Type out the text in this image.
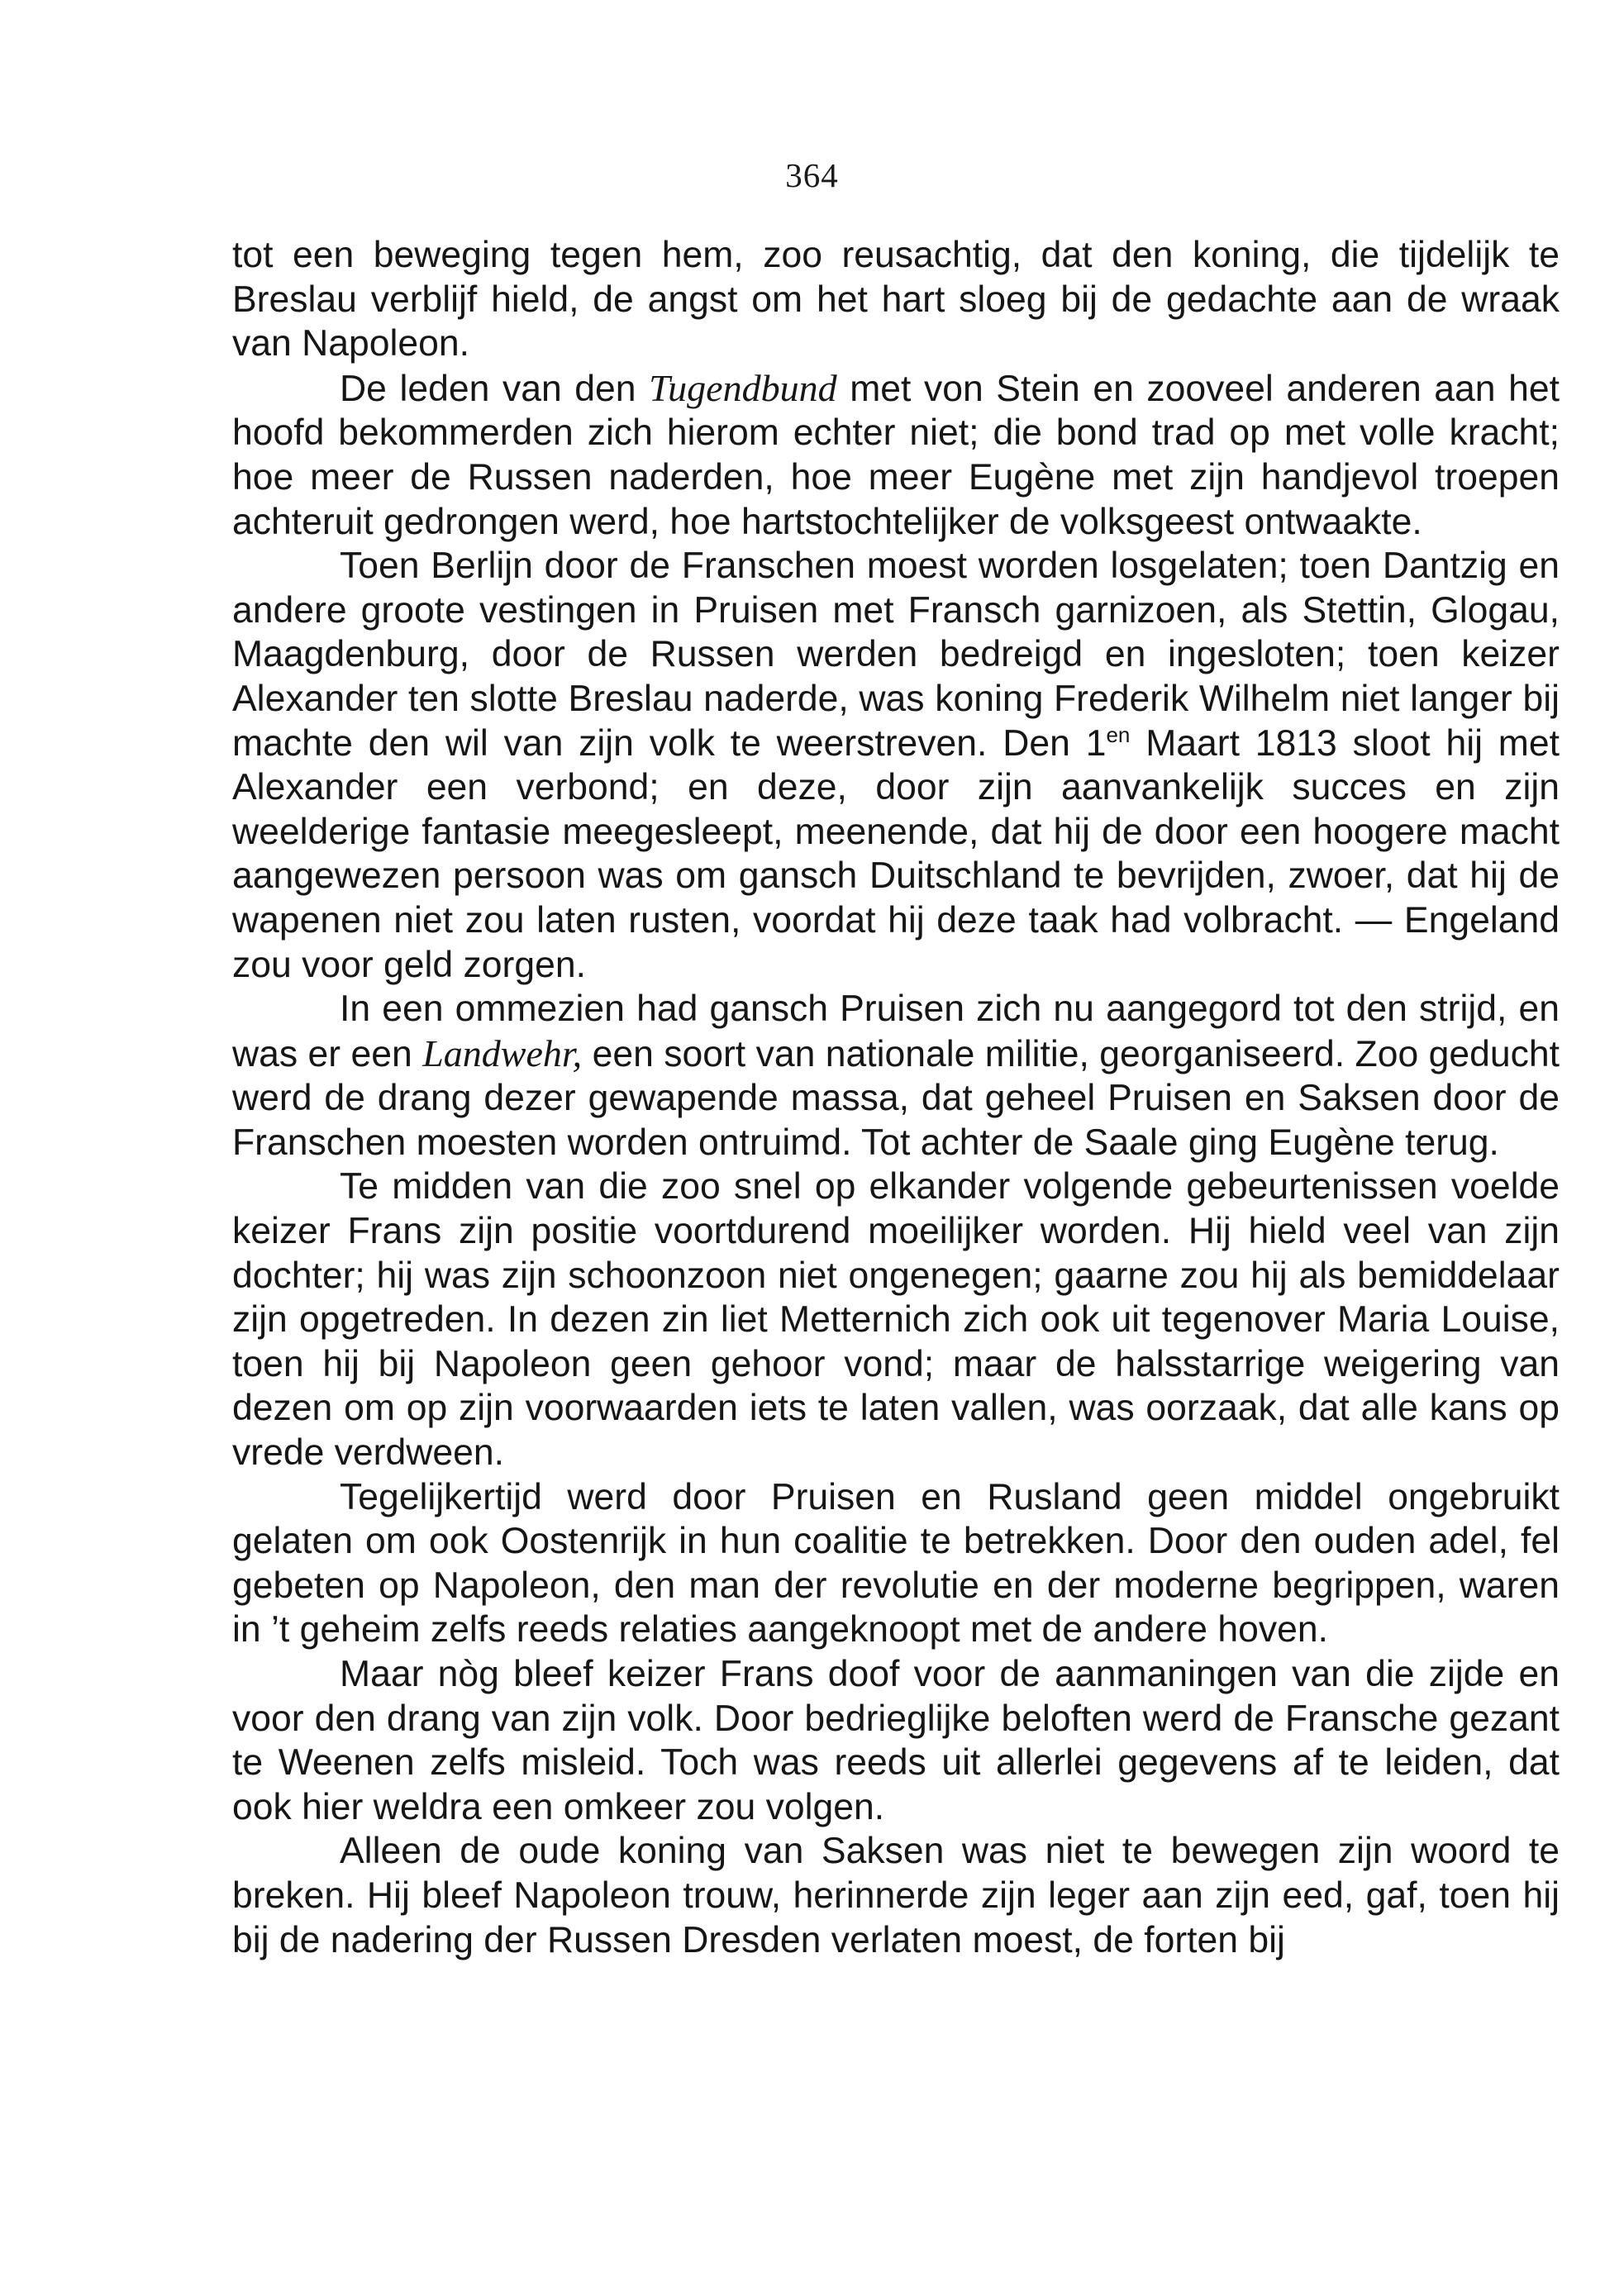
364

tot een beweging tegen hem, zoo reusachtig, dat den koning, die tijdelijk te Breslau verblijf hield, de angst om het hart sloeg bij de gedachte aan de wraak van Napoleon.

De leden van den Tugendbund met von Stein en zooveel anderen aan het hoofd bekommerden zich hierom echter niet; die bond trad op met volle kracht; hoe meer de Russen naderden, hoe meer Eugène met zijn handjevol troepen achteruit gedrongen werd, hoe hartstochtelijker de volksgeest ontwaakte.

Toen Berlijn door de Franschen moest worden losgelaten; toen Dantzig en andere groote vestingen in Pruisen met Fransch garnizoen, als Stettin, Glogau, Maagdenburg, door de Russen werden bedreigd en ingesloten; toen keizer Alexander ten slotte Breslau naderde, was koning Frederik Wilhelm niet langer bij machte den wil van zijn volk te weerstreven. Den $1^{en}$ Maart 1813 sloot hij met Alexander een verbond; en deze, door zijn aanvankelijk succes en zijn weelderige fantasie meegesleept, meenende, dat hij de door een hoogere macht aangewezen persoon was om gansch Duitschland te bevrijden, zwoer, dat hij de wapenen niet zou laten rusten, voordat hij deze taak had volbracht. — Engeland zou voor geld zorgen.

In een ommezien had gansch Pruisen zich nu aangegord tot den strijd, en was er een Landwehr, een soort van nationale militie, georganiseerd. Zoo geducht werd de drang dezer gewapende massa, dat geheel Pruisen en Saksen door de Franschen moesten worden ontruimd. Tot achter de Saale ging Eugène terug.

Te midden van die zoo snel op elkander volgende gebeurtenissen voelde keizer Frans zijn positie voortdurend moeilijker worden. Hij hield veel van zijn dochter; hij was zijn schoonzoon niet ongenegen; gaarne zou hij als bemiddelaar zijn opgetreden. In dezen zin liet Metternich zich ook uit tegenover Maria Louise, toen hij bij Napoleon geen gehoor vond; maar de halsstarrige weigering van dezen om op zijn voorwaarden iets te laten vallen, was oorzaak, dat alle kans op vrede verdween.

Tegelijkertijd werd door Pruisen en Rusland geen middel ongebruikt gelaten om ook Oostenrijk in hun coalitie te betrekken. Door den ouden adel, fel gebeten op Napoleon, den man der revolutie en der moderne begrippen, waren in ’t geheim zelfs reeds relaties aangeknoopt met de andere hoven.

Maar nòg bleef keizer Frans doof voor de aanmaningen van die zijde en voor den drang van zijn volk. Door bedrieglijke beloften werd de Fransche gezant te Weenen zelfs misleid. Toch was reeds uit allerlei gegevens af te leiden, dat ook hier weldra een omkeer zou volgen.

Alleen de oude koning van Saksen was niet te bewegen zijn woord te breken. Hij bleef Napoleon trouw, herinnerde zijn leger aan zijn eed, gaf, toen hij bij de nadering der Russen Dresden verlaten moest, de forten bij
